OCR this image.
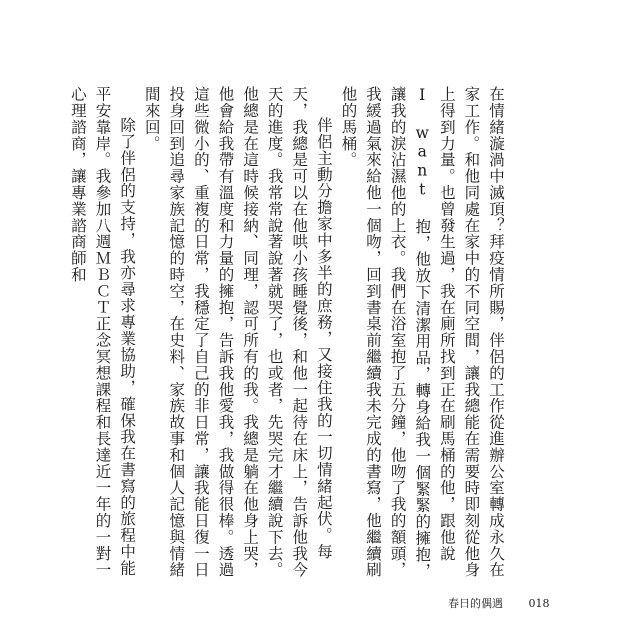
在情緒漩渦中滅頂？拜疫情所賜，伴侶的工作從進辦公室轉成永久在家工作。和他同處在家中的不同空間，讓我總能在需要時即刻從他身上得到力量。也曾發生過，我在廁所找到正在刷馬桶的他，跟他說 I want 抱，他放下清潔用品，轉身給我一個緊緊的擁抱，讓我的淚沾濕他的上衣。我們在浴室抱了五分鐘，他吻了我的額頭，我緩過氣來給他一個吻，回到書桌前繼續我未完成的書寫，他繼續刷他的馬桶。

伴侶主動分擔家中多半的庶務，又接住我的一切情緒起伏。每天，我總是可以在他哄小孩睡覺後，和他一起待在床上，告訴他我今天的進度。我常常說著說著就哭了，也或者，先哭完才繼續說下去。他總是在這時候接納、同理，認可所有的我。我總是躺在他身上哭，他會給我帶有溫度和力量的擁抱，告訴我他愛我，我做得很棒。透過這些微小的、重複的日常，我穩定了自己的非日常，讓我能日復一日投身回到追尋家族記憶的時空，在史料、家族故事和個人記憶與情緒間來回。

除了伴侶的支持，我亦尋求專業協助，確保我在書寫的旅程中能平安靠岸。我參加八週ＭＢＣＴ正念冥想課程和長達近一年的一對一心理諮商，讓專業諮商師和

春日的偶遇 018
